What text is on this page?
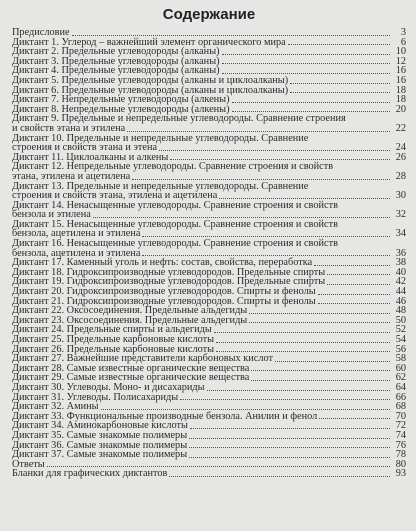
Содержание
Предисловие	3
Диктант 1. Углерод – важнейший элемент органического мира	6
Диктант 2. Предельные углеводороды (алканы)	10
Диктант 3. Предельные углеводороды (алканы)	12
Диктант 4. Предельные углеводороды (алканы)	16
Диктант 5. Предельные углеводороды (алканы и циклоалканы)	16
Диктант 6. Предельные углеводороды (алканы и циклоалканы)	18
Диктант 7. Непредельные углеводороды (алкены)	18
Диктант 8. Непредельные углеводороды (алкены)	20
Диктант 9. Предельные и непредельные углеводороды. Сравнение строения
и свойств этана и этилена	22
Диктант 10. Предельные и непредельные углеводороды. Сравнение
строения и свойств этана и этена	24
Диктант 11. Циклоалканы и алкены	26
Диктант 12. Непредельные углеводороды. Сравнение строения и свойств
этана, этилена и ацетилена	28
Диктант 13. Предельные и непредельные углеводороды. Сравнение
строения и свойств этана, этилена и ацетилена	30
Диктант 14. Ненасыщенные углеводороды. Сравнение строения и свойств
бензола и этилена	32
Диктант 15. Ненасыщенные углеводороды. Сравнение строения и свойств
бензола, ацетилена и этилена	34
Диктант 16. Ненасыщенные углеводороды. Сравнение строения и свойств
бензола, ацетилена и этилена	36
Диктант 17. Каменный уголь и нефть: состав, свойства, переработка	38
Диктант 18. Гидроксипроизводные углеводородов. Предельные спирты	40
Диктант 19. Гидроксипроизводные углеводородов. Предельные спирты	42
Диктант 20. Гидроксипроизводные углеводородов. Спирты и фенолы	44
Диктант 21. Гидроксипроизводные углеводородов. Спирты и фенолы	46
Диктант 22. Оксосоединения. Предельные альдегиды	48
Диктант 23. Оксосоединения. Предельные альдегиды	50
Диктант 24. Предельные спирты и альдегиды	52
Диктант 25. Предельные карбоновые кислоты	54
Диктант 26. Предельные карбоновые кислоты	56
Диктант 27. Важнейшие представители карбоновых кислот	58
Диктант 28. Самые известные органические вещества	60
Диктант 29. Самые известные органические вещества	62
Диктант 30. Углеводы. Моно- и дисахариды	64
Диктант 31. Углеводы. Полисахариды	66
Диктант 32. Амины	68
Диктант 33. Функциональные производные бензола. Анилин и фенол	70
Диктант 34. Аминокарбоновые кислоты	72
Диктант 35. Самые знакомые полимеры	74
Диктант 36. Самые знакомые полимеры	76
Диктант 37. Самые знакомые полимеры	78
Ответы	80
Бланки для графических диктантов	93
